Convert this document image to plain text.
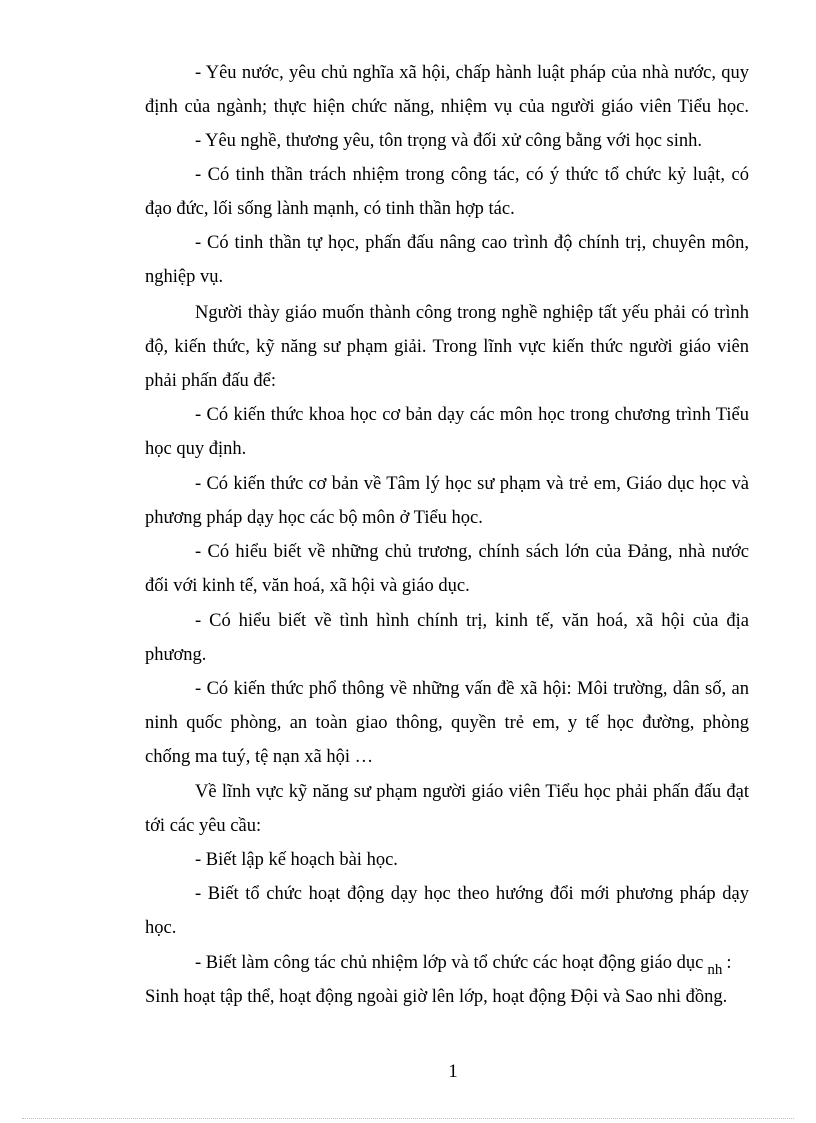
- Yêu nước, yêu chủ nghĩa xã hội, chấp hành luật pháp của nhà nước, quy
định của ngành; thực hiện chức năng, nhiệm vụ của người giáo viên Tiểu học.
- Yêu nghề, thương yêu, tôn trọng và đối xử công bằng với học sinh.
- Có tinh thần trách nhiệm trong công tác, có ý thức tổ chức kỷ luật, có
đạo đức, lối sống lành mạnh, có tinh thần hợp tác.
- Có tinh thần tự học, phấn đấu nâng cao trình độ chính trị, chuyên môn,
nghiệp vụ.
Người thày giáo muốn thành công trong nghề nghiệp tất yếu phải có trình
độ, kiến thức, kỹ năng sư phạm giải. Trong lĩnh vực kiến thức người giáo viên
phải phấn đấu để:
- Có kiến thức khoa học cơ bản dạy các môn học trong chương trình Tiểu
học quy định.
- Có kiến thức cơ bản về Tâm lý học sư phạm và trẻ em, Giáo dục học và
phương pháp dạy học các bộ môn ở Tiểu học.
- Có hiểu biết về những chủ trương, chính sách lớn của Đảng, nhà nước
đối với kinh tế, văn hoá, xã hội và giáo dục.
- Có hiểu biết về tình hình chính trị, kinh tế, văn hoá, xã hội của địa
phương.
- Có kiến thức phổ thông về những vấn đề xã hội: Môi trường, dân số, an
ninh quốc phòng, an toàn giao thông, quyền trẻ em, y tế học đường, phòng
chống ma tuý, tệ nạn xã hội …
Về lĩnh vực kỹ năng sư phạm người giáo viên Tiểu học phải phấn đấu đạt
tới các yêu cầu:
- Biết lập kế hoạch bài học.
- Biết tổ chức hoạt động dạy học theo hướng đổi mới phương pháp dạy
học.
- Biết làm công tác chủ nhiệm lớp và tổ chức các hoạt động giáo dục $_{nh}$ :
Sinh hoạt tập thể, hoạt động ngoài giờ lên lớp, hoạt động Đội và Sao nhi đồng.
1
